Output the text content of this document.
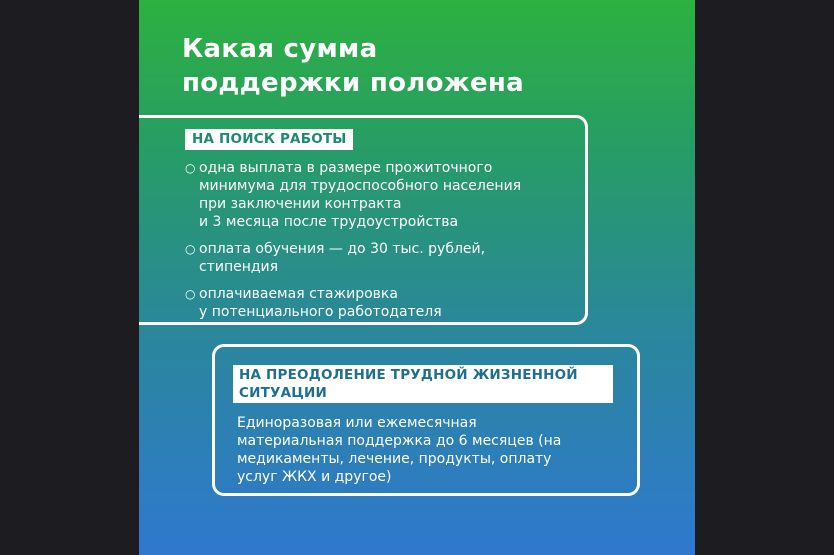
Какая сумма
поддержки положена
НА ПОИСК РАБОТЫ
○ одна выплата в размере прожиточного
минимума для трудоспособного населения
при заключении контракта
и 3 месяца после трудоустройства
○ оплата обучения — до 30 тыс. рублей,
стипендия
○ оплачиваемая стажировка
у потенциального работодателя
НА ПРЕОДОЛЕНИЕ ТРУДНОЙ ЖИЗНЕННОЙ
СИТУАЦИИ
Единоразовая или ежемесячная
материальная поддержка до 6 месяцев (на
медикаменты, лечение, продукты, оплату
услуг ЖКХ и другое)
